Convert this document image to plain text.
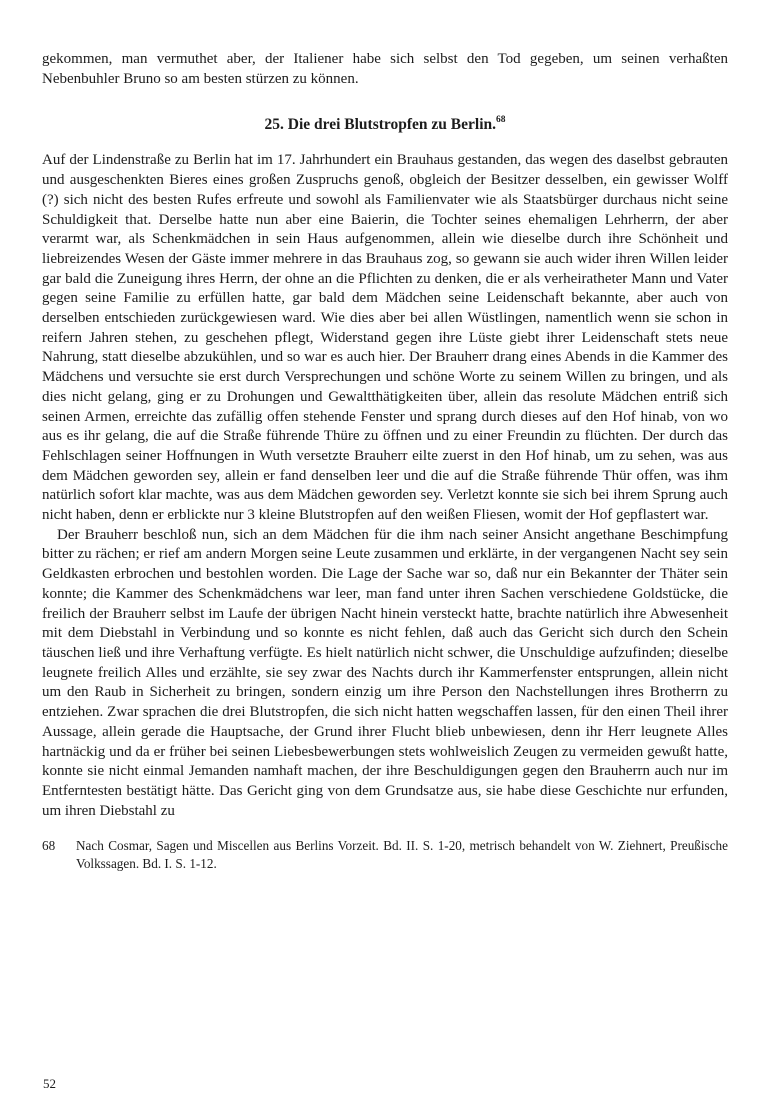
gekommen, man vermuthet aber, der Italiener habe sich selbst den Tod gegeben, um seinen verhaßten Nebenbuhler Bruno so am besten stürzen zu können.

25. Die drei Blutstropfen zu Berlin.$^{68}$

Auf der Lindenstraße zu Berlin hat im 17. Jahrhundert ein Brauhaus gestanden, das wegen des daselbst gebrauten und ausgeschenkten Bieres eines großen Zuspruchs genoß, obgleich der Besitzer desselben, ein gewisser Wolff (?) sich nicht des besten Rufes erfreute und sowohl als Familienvater wie als Staatsbürger durchaus nicht seine Schuldigkeit that. Derselbe hatte nun aber eine Baierin, die Tochter seines ehemaligen Lehrherrn, der aber verarmt war, als Schenkmädchen in sein Haus aufgenommen, allein wie dieselbe durch ihre Schönheit und liebreizendes Wesen der Gäste immer mehrere in das Brauhaus zog, so gewann sie auch wider ihren Willen leider gar bald die Zuneigung ihres Herrn, der ohne an die Pflichten zu denken, die er als verheiratheter Mann und Vater gegen seine Familie zu erfüllen hatte, gar bald dem Mädchen seine Leidenschaft bekannte, aber auch von derselben entschieden zurückgewiesen ward. Wie dies aber bei allen Wüstlingen, namentlich wenn sie schon in reifern Jahren stehen, zu geschehen pflegt, Widerstand gegen ihre Lüste giebt ihrer Leidenschaft stets neue Nahrung, statt dieselbe abzukühlen, und so war es auch hier. Der Brauherr drang eines Abends in die Kammer des Mädchens und versuchte sie erst durch Versprechungen und schöne Worte zu seinem Willen zu bringen, und als dies nicht gelang, ging er zu Drohungen und Gewaltthätigkeiten über, allein das resolute Mädchen entriß sich seinen Armen, erreichte das zufällig offen stehende Fenster und sprang durch dieses auf den Hof hinab, von wo aus es ihr gelang, die auf die Straße führende Thüre zu öffnen und zu einer Freundin zu flüchten. Der durch das Fehlschlagen seiner Hoffnungen in Wuth versetzte Brauherr eilte zuerst in den Hof hinab, um zu sehen, was aus dem Mädchen geworden sey, allein er fand denselben leer und die auf die Straße führende Thür offen, was ihm natürlich sofort klar machte, was aus dem Mädchen geworden sey. Verletzt konnte sie sich bei ihrem Sprung auch nicht haben, denn er erblickte nur 3 kleine Blutstropfen auf den weißen Fliesen, womit der Hof gepflastert war.

Der Brauherr beschloß nun, sich an dem Mädchen für die ihm nach seiner Ansicht angethane Beschimpfung bitter zu rächen; er rief am andern Morgen seine Leute zusammen und erklärte, in der vergangenen Nacht sey sein Geldkasten erbrochen und bestohlen worden. Die Lage der Sache war so, daß nur ein Bekannter der Thäter sein konnte; die Kammer des Schenkmädchens war leer, man fand unter ihren Sachen verschiedene Goldstücke, die freilich der Brauherr selbst im Laufe der übrigen Nacht hinein versteckt hatte, brachte natürlich ihre Abwesenheit mit dem Diebstahl in Verbindung und so konnte es nicht fehlen, daß auch das Gericht sich durch den Schein täuschen ließ und ihre Verhaftung verfügte. Es hielt natürlich nicht schwer, die Unschuldige aufzufinden; dieselbe leugnete freilich Alles und erzählte, sie sey zwar des Nachts durch ihr Kammerfenster entsprungen, allein nicht um den Raub in Sicherheit zu bringen, sondern einzig um ihre Person den Nachstellungen ihres Brotherrn zu entziehen. Zwar sprachen die drei Blutstropfen, die sich nicht hatten wegschaffen lassen, für den einen Theil ihrer Aussage, allein gerade die Hauptsache, der Grund ihrer Flucht blieb unbewiesen, denn ihr Herr leugnete Alles hartnäckig und da er früher bei seinen Liebesbewerbungen stets wohlweislich Zeugen zu vermeiden gewußt hatte, konnte sie nicht einmal Jemanden namhaft machen, der ihre Beschuldigungen gegen den Brauherrn auch nur im Entferntesten bestätigt hätte. Das Gericht ging von dem Grundsatze aus, sie habe diese Geschichte nur erfunden, um ihren Diebstahl zu

68	Nach Cosmar, Sagen und Miscellen aus Berlins Vorzeit. Bd. II. S. 1-20, metrisch behandelt von W. Ziehnert, Preußische Volkssagen. Bd. I. S. 1-12.
52
